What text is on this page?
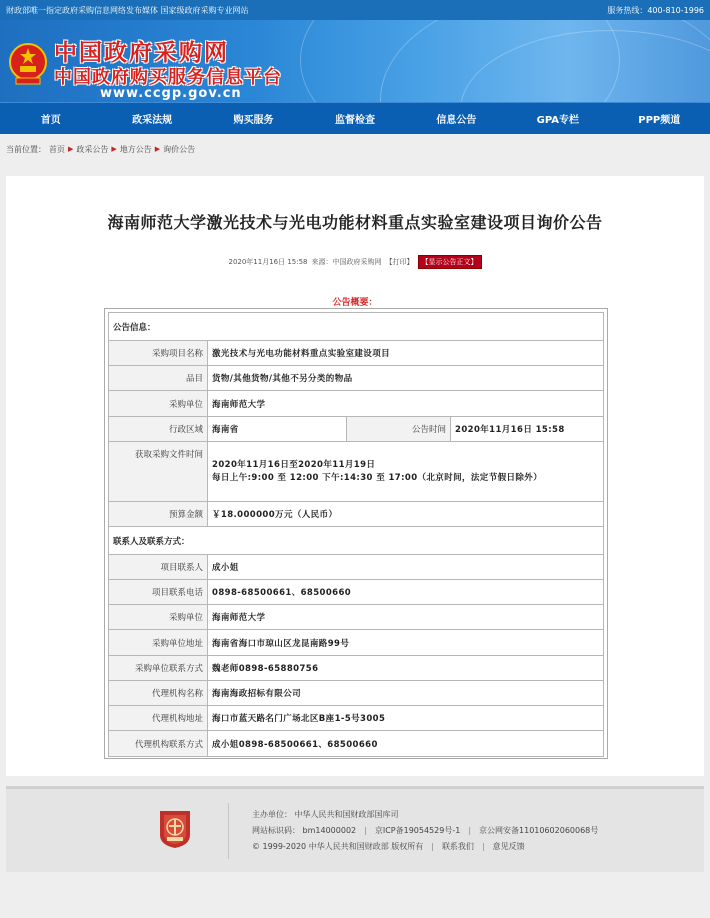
财政部唯一指定政府采购信息网络发布媒体 国家级政府采购专业网站	服务热线：400-810-1996
中国政府采购网
中国政府购买服务信息平台
www.ccgp.gov.cn
首页	政采法规	购买服务	监督检查	信息公告	GPA专栏	PPP频道
当前位置： 首页 ▶ 政采公告 ▶ 地方公告 ▶ 询价公告
海南师范大学激光技术与光电功能材料重点实验室建设项目询价公告
2020年11月16日 15:58 来源：中国政府采购网 【打印】	【显示公告正文】
公告概要：
公告信息：			
采购项目名称	激光技术与光电功能材料重点实验室建设项目		
品目	货物/其他货物/其他不另分类的物品		
采购单位	海南师范大学		
行政区域	海南省	公告时间	2020年11月16日 15:58
获取采购文件时间	2020年11月16日至2020年11月19日
每日上午:9:00 至 12:00 下午:14:30 至 17:00（北京时间，法定节假日除外）		

预算金额	￥18.000000万元（人民币）		
联系人及联系方式：			
项目联系人	成小姐		
项目联系电话	0898-68500661、68500660		
采购单位	海南师范大学		
采购单位地址	海南省海口市琼山区龙昆南路99号		
采购单位联系方式	魏老师0898-65880756		
代理机构名称	海南海政招标有限公司		
代理机构地址	海口市蓝天路名门广场北区B座1-5号3005		
代理机构联系方式	成小姐0898-68500661、68500660		
主办单位： 中华人民共和国财政部国库司
网站标识码： bm14000002 | 京ICP备19054529号-1 | 京公网安备11010602060068号
© 1999-2020 中华人民共和国财政部 版权所有 | 联系我们 | 意见反馈
